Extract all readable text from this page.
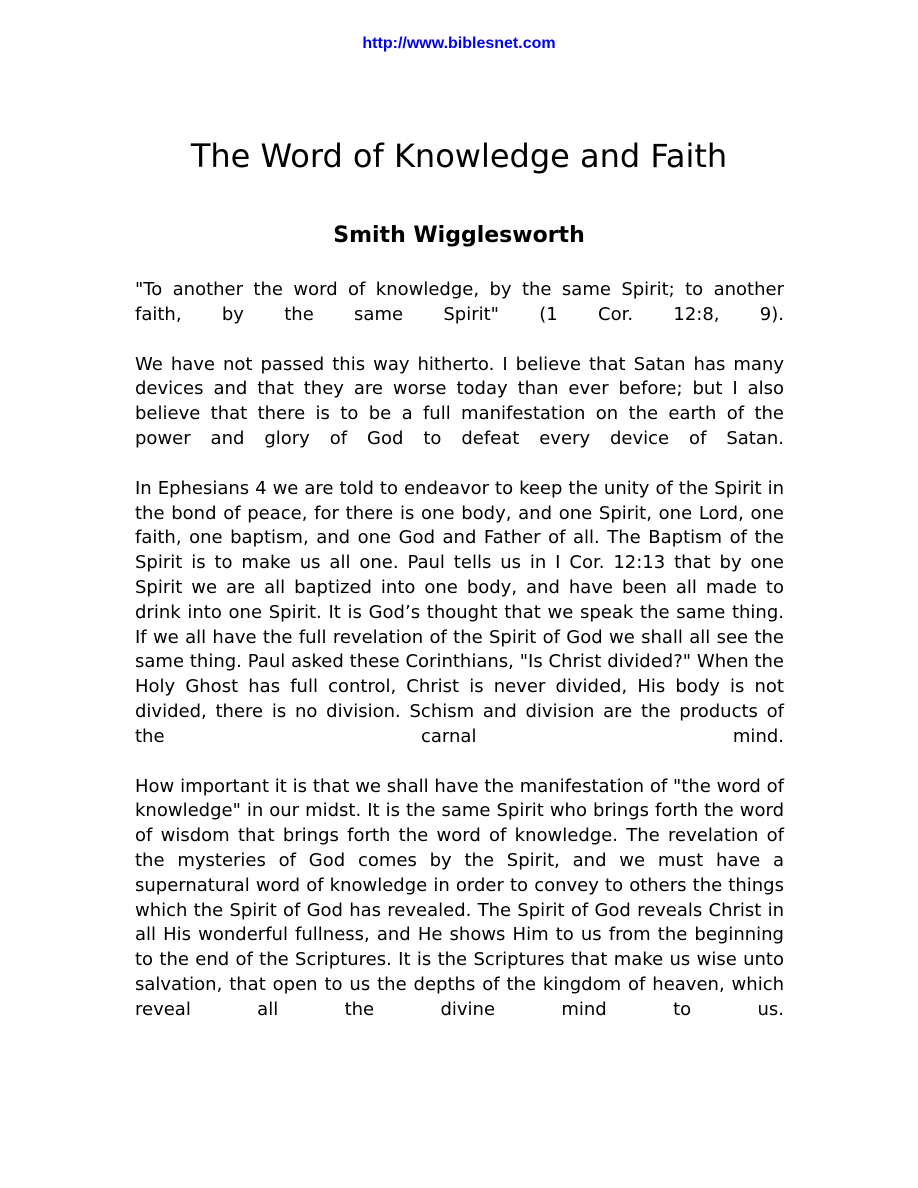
http://www.biblesnet.com
The Word of Knowledge and Faith
Smith Wigglesworth

"To another the word of knowledge, by the same Spirit; to another faith, by the same Spirit" (1 Cor. 12:8, 9).

We have not passed this way hitherto. I believe that Satan has many devices and that they are worse today than ever before; but I also believe that there is to be a full manifestation on the earth of the power and glory of God to defeat every device of Satan.

In Ephesians 4 we are told to endeavor to keep the unity of the Spirit in the bond of peace, for there is one body, and one Spirit, one Lord, one faith, one baptism, and one God and Father of all. The Baptism of the Spirit is to make us all one. Paul tells us in I Cor. 12:13 that by one Spirit we are all baptized into one body, and have been all made to drink into one Spirit. It is God’s thought that we speak the same thing. If we all have the full revelation of the Spirit of God we shall all see the same thing. Paul asked these Corinthians, "Is Christ divided?" When the Holy Ghost has full control, Christ is never divided, His body is not divided, there is no division. Schism and division are the products of the carnal mind.

How important it is that we shall have the manifestation of "the word of knowledge" in our midst. It is the same Spirit who brings forth the word of wisdom that brings forth the word of knowledge. The revelation of the mysteries of God comes by the Spirit, and we must have a supernatural word of knowledge in order to convey to others the things which the Spirit of God has revealed. The Spirit of God reveals Christ in all His wonderful fullness, and He shows Him to us from the beginning to the end of the Scriptures. It is the Scriptures that make us wise unto salvation, that open to us the depths of the kingdom of heaven, which reveal all the divine mind to us.
